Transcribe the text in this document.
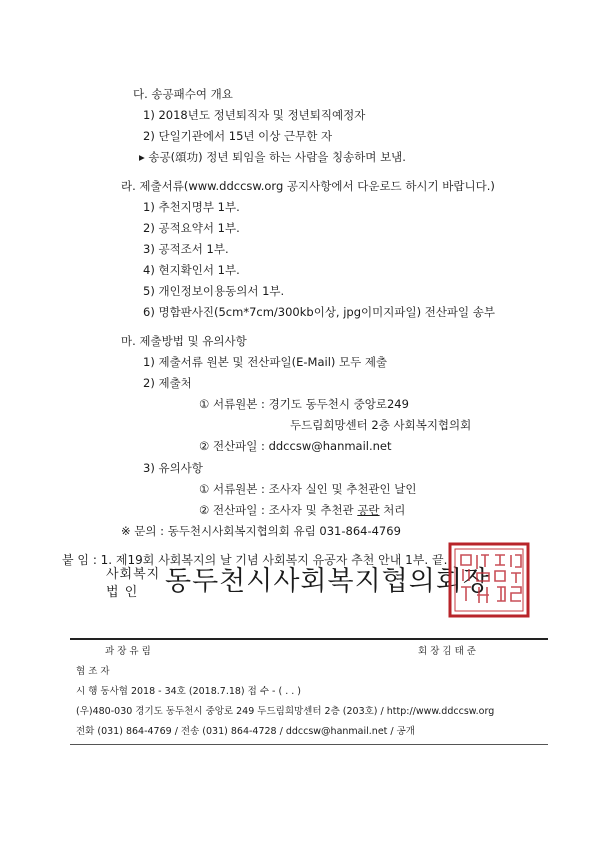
다. 송공패수여 개요
1) 2018년도 정년퇴직자 및 정년퇴직예정자
2) 단일기관에서 15년 이상 근무한 자
▸ 송공(頌功) 정년 퇴임을 하는 사람을 칭송하며 보냄.
라. 제출서류(www.ddccsw.org 공지사항에서 다운로드 하시기 바랍니다.)
1) 추천지명부 1부.
2) 공적요약서 1부.
3) 공적조서 1부.
4) 현지확인서 1부.
5) 개인정보이용동의서 1부.
6) 명함판사진(5cm*7cm/300kb이상, jpg이미지파일) 전산파일 송부
마. 제출방법 및 유의사항
1) 제출서류 원본 및 전산파일(E-Mail) 모두 제출
2) 제출처
① 서류원본 : 경기도 동두천시 중앙로249
두드림희망센터 2층 사회복지협의회
② 전산파일 : ddccsw@hanmail.net
3) 유의사항
① 서류원본 : 조사자 실인 및 추천관인 날인
② 전산파일 : 조사자 및 추천관 공란 처리
※ 문의 : 동두천시사회복지협의회 유림 031-864-4769
붙 임 : 1. 제19회 사회복지의 날 기념 사회복지 유공자 추천 안내 1부. 끝.
사회복지
법 인 동두천시사회복지협의회장
과 장 유 림	회 장 김 태 준
협 조 자
시 행 동사협 2018 - 34호 (2018.7.18) 접 수 - ( . . )
(우)480-030 경기도 동두천시 중앙로 249 두드림희망센터 2층 (203호) / http://www.ddccsw.org
전화 (031) 864-4769 / 전송 (031) 864-4728 / ddccsw@hanmail.net / 공개
